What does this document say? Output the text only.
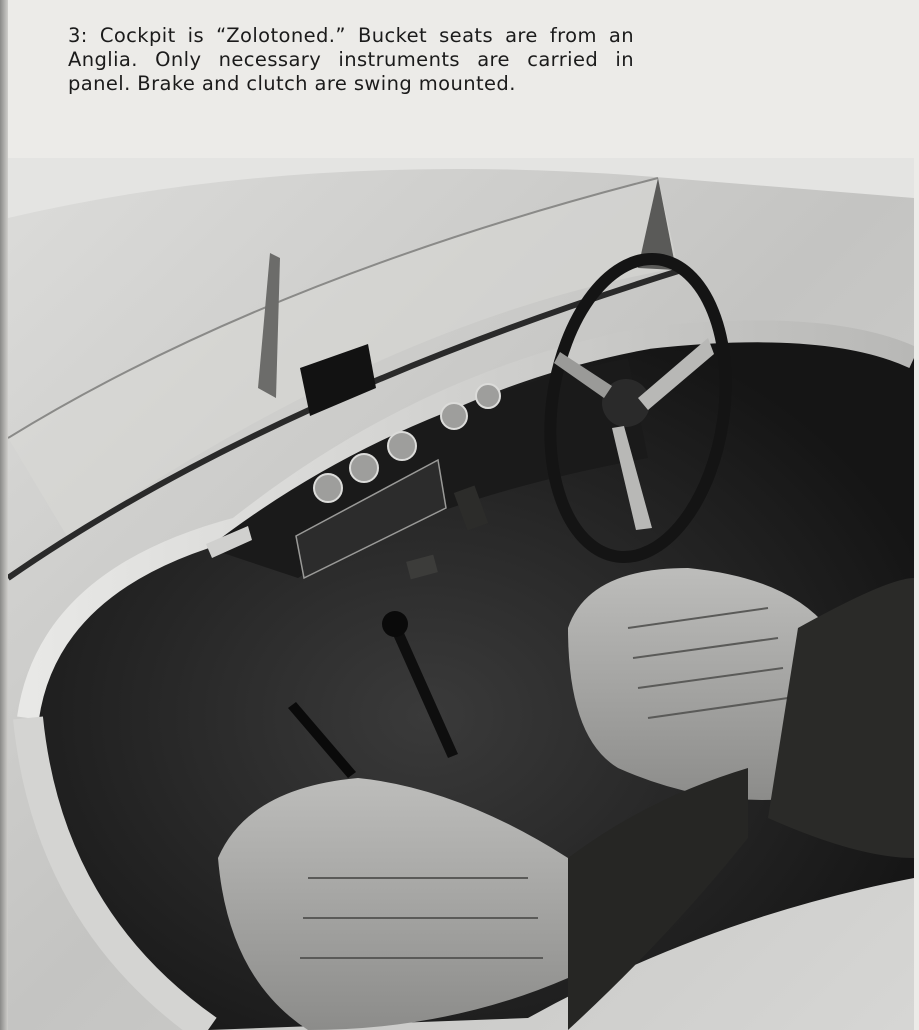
3: Cockpit is “Zolotoned.” Bucket seats are from an Anglia. Only necessary instruments are carried in panel. Brake and clutch are swing mounted.
